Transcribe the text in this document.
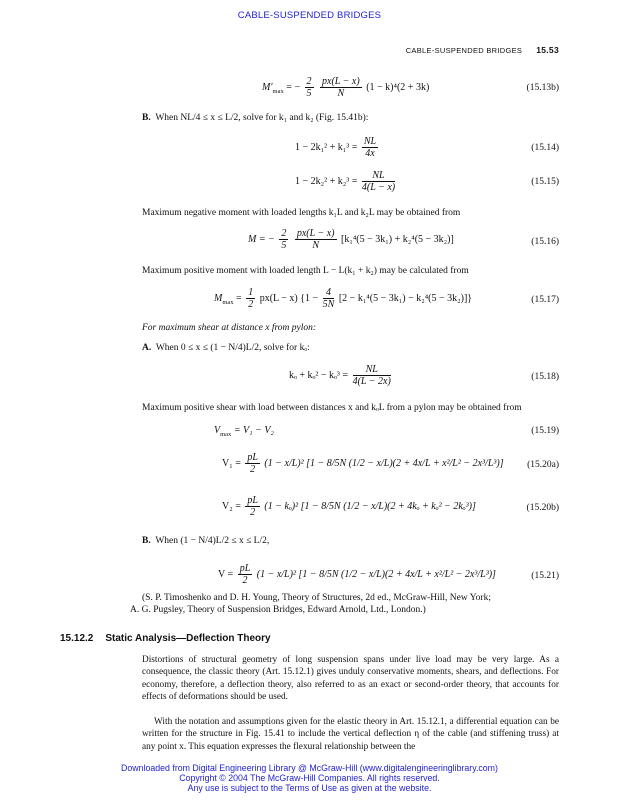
CABLE-SUSPENDED BRIDGES
CABLE-SUSPENDED BRIDGES 15.53
$M'_{max}$ = − $\frac{2}{5}$
$\frac{px(L - x)}{N} (1 - k)^4(2 + 3k)$	(15.13b)
B. When NL/4 ≤ x ≤ L/2, solve for k₁ and k₂ (Fig. 15.41b):
$1 - 2k_1^2 + k_1^3 = \frac{NL}{4x}$	(15.14)
$1 - 2k_2^2 + k_2^3 = \frac{NL}{4(L - x)}$	(15.15)
Maximum negative moment with loaded lengths k₁L and k₂L may be obtained from
M = − $\frac{2}{5}$
$\frac{px(L - x)}{N} [k_1^4(5 - 3k_1) + k_2^4(5 - 3k_2)]$	(15.16)
Maximum positive moment with loaded length L − L(k₁ + k₂) may be calculated from
$M_{max} = \frac{1}{2} px(L - x) \{1 - \frac{4}{5N} [2 - k_1^4(5 - 3k_1) - k_2^4(5 - 3k_2)]\}$	(15.17)
For maximum shear at distance x from pylon:
A. When 0 ≤ x ≤ (1 − N/4)L/2, solve for kₒ:
$k_o + k_o^2 - k_o^3 = \frac{NL}{4(L - 2x)}$	(15.18)
Maximum positive shear with load between distances x and kₒL from a pylon may be obtained from
$V_{max} = V_1 - V_2$	(15.19)
$V_1 = \frac{pL}{2} (1 - x/L)^2$ [1 − 8/5N (1/2 − x/L)(2 + 4x/L + x²/L² − 2x³/L³)] (15.20a)
$V_2 = \frac{pL}{2} (1 - k_o)^2$ [1 − 8/5N (1/2 − x/L)(2 + 4kₒ + kₒ² − 2kₒ³)]	(15.20b)
B. When (1 − N/4)L/2 ≤ x ≤ L/2,
$V = \frac{pL}{2} (1 - x/L)^2$ [1 − 8/5N (1/2 − x/L)(2 + 4x/L + x²/L² − 2x³/L³)]	(15.21)
(S. P. Timoshenko and D. H. Young, Theory of Structures, 2d ed., McGraw-Hill, New York;
A. G. Pugsley, Theory of Suspension Bridges, Edward Arnold, Ltd., London.)
15.12.2 Static Analysis—Deflection Theory
Distortions of structural geometry of long suspension spans under live load may be very large. As a consequence, the classic theory (Art. 15.12.1) gives unduly conservative moments, shears, and deflections. For economy, therefore, a deflection theory, also referred to as an exact or second-order theory, that accounts for effects of deformations should be used.
With the notation and assumptions given for the elastic theory in Art. 15.12.1, a differential equation can be written for the structure in Fig. 15.41 to include the vertical deflection η of the cable (and stiffening truss) at any point x. This equation expresses the flexural relationship between the
Downloaded from Digital Engineering Library @ McGraw-Hill (www.digitalengineeringlibrary.com)
Copyright © 2004 The McGraw-Hill Companies. All rights reserved.
Any use is subject to the Terms of Use as given at the website.
